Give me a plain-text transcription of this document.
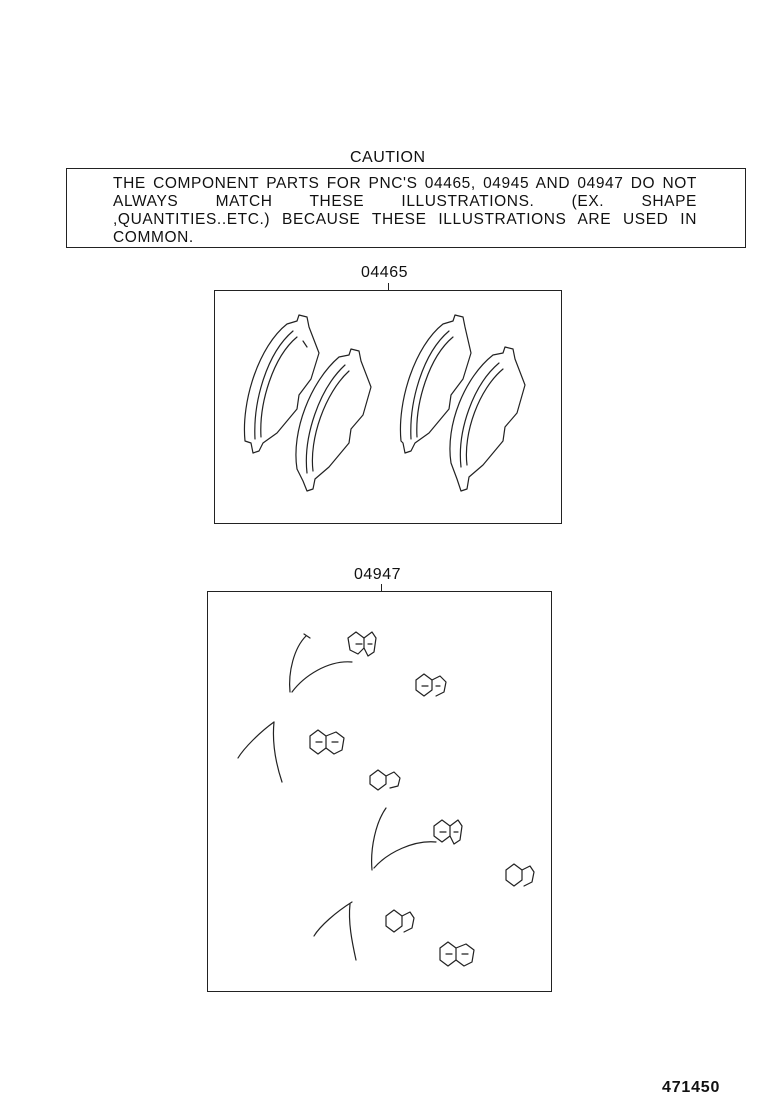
CAUTION
THE COMPONENT PARTS FOR PNC'S 04465, 04945 AND 04947 DO NOT ALWAYS MATCH THESE ILLUSTRATIONS. (EX. SHAPE ,QUANTITIES..ETC.) BECAUSE THESE ILLUSTRATIONS ARE USED IN COMMON.
04465
04947
471450
